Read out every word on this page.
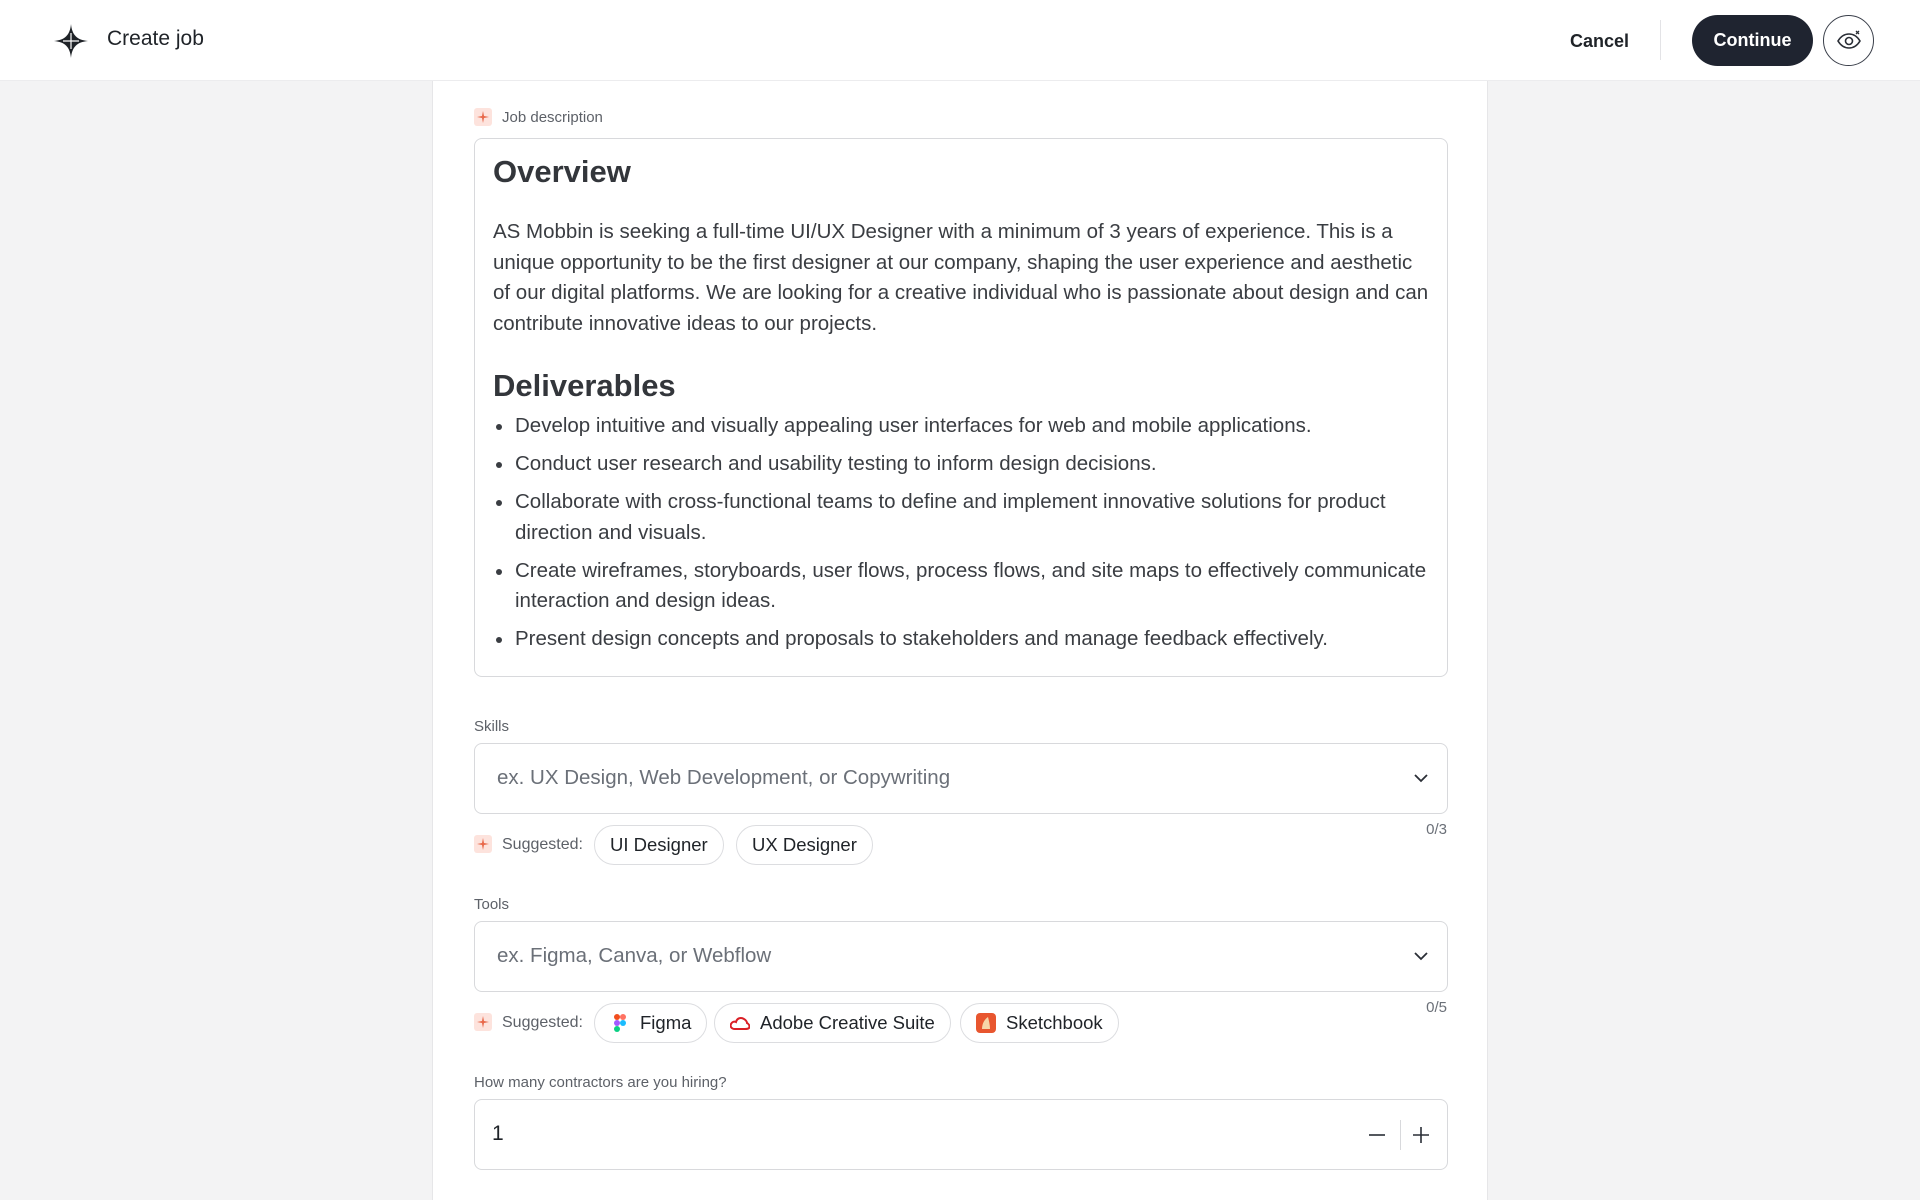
Create job	Cancel	Continue
Job description
Overview

AS Mobbin is seeking a full-time UI/UX Designer with a minimum of 3 years of experience. This is a unique opportunity to be the first designer at our company, shaping the user experience and aesthetic of our digital platforms. We are looking for a creative individual who is passionate about design and can contribute innovative ideas to our projects.

Deliverables
Develop intuitive and visually appealing user interfaces for web and mobile applications.
Conduct user research and usability testing to inform design decisions.
Collaborate with cross-functional teams to define and implement innovative solutions for product direction and visuals.
Create wireframes, storyboards, user flows, process flows, and site maps to effectively communicate interaction and design ideas.
Present design concepts and proposals to stakeholders and manage feedback effectively.
Skills
ex. UX Design, Web Development, or Copywriting
0/3
Suggested:	UI Designer	UX Designer
Tools
ex. Figma, Canva, or Webflow
0/5
Suggested:	Figma	Adobe Creative Suite	Sketchbook
How many contractors are you hiring?
1
